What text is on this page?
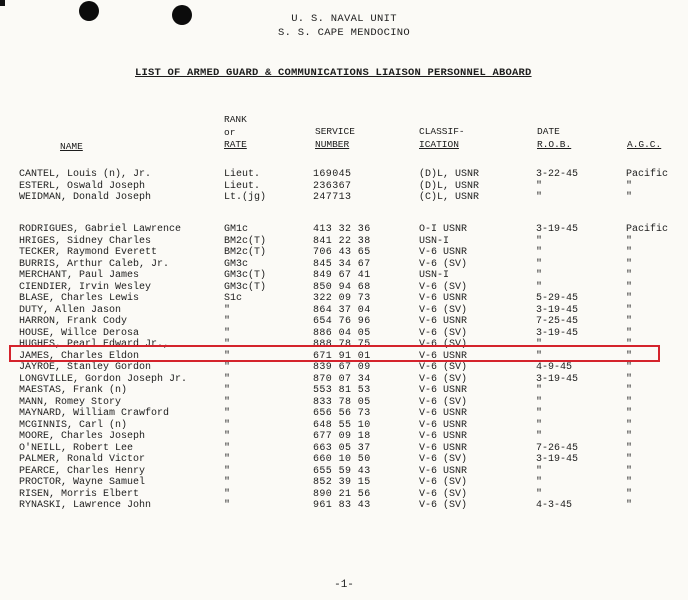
U. S. NAVAL UNIT
S. S. CAPE MENDOCINO
LIST OF ARMED GUARD & COMMUNICATIONS LIAISON PERSONNEL ABOARD
NAME
RANK
or
RATE
SERVICE
NUMBER
CLASSIF-
ICATION
DATE
R.O.B.	A.G.C.
CANTEL, Louis (n), Jr.	Lieut.	169045	(D)L, USNR	3-22-45	Pacific
ESTERL, Oswald Joseph	Lieut.	236367	(D)L, USNR	"	"
WEIDMAN, Donald Joseph	Lt.(jg)	247713	(C)L, USNR	"	"
RODRIGUES, Gabriel Lawrence	GM1c	413 32 36	O-I USNR	3-19-45	Pacific
HRIGES, Sidney Charles	BM2c(T)	841 22 38	USN-I	"	"
TECKER, Raymond Everett	BM2c(T)	706 43 65	V-6 USNR	"	"
BURRIS, Arthur Caleb, Jr.	GM3c	845 34 67	V-6 (SV)	"	"
MERCHANT, Paul James	GM3c(T)	849 67 41	USN-I	"	"
CIENDIER, Irvin Wesley	GM3c(T)	850 94 68	V-6 (SV)	"	"
BLASE, Charles Lewis	S1c	322 09 73	V-6 USNR	5-29-45	"
DUTY, Allen Jason	"	864 37 04	V-6 (SV)	3-19-45	"
HARRON, Frank Cody	"	654 76 96	V-6 USNR	7-25-45	"
HOUSE, Willce Derosa	"	886 04 05	V-6 (SV)	3-19-45	"
HUGHES, Pearl Edward Jr.,	"	888 78 75	V-6 (SV)	"	"
JAMES, Charles Eldon	"	671 91 01	V-6 USNR	"	"
JAYROE, Stanley Gordon	"	839 67 09	V-6 (SV)	4-9-45	"
LONGVILLE, Gordon Joseph Jr.	"	870 07 34	V-6 (SV)	3-19-45	"
MAESTAS, Frank (n)	"	553 81 53	V-6 USNR	"	"
MANN, Romey Story	"	833 78 05	V-6 (SV)	"	"
MAYNARD, William Crawford	"	656 56 73	V-6 USNR	"	"
MCGINNIS, Carl (n)	"	648 55 10	V-6 USNR	"	"
MOORE, Charles Joseph	"	677 09 18	V-6 USNR	"	"
O'NEILL, Robert Lee	"	663 05 37	V-6 USNR	7-26-45	"
PALMER, Ronald Victor	"	660 10 50	V-6 (SV)	3-19-45	"
PEARCE, Charles Henry	"	655 59 43	V-6 USNR	"	"
PROCTOR, Wayne Samuel	"	852 39 15	V-6 (SV)	"	"
RISEN, Morris Elbert	"	890 21 56	V-6 (SV)	"	"
RYNASKI, Lawrence John	"	961 83 43	V-6 (SV)	4-3-45	"
-1-
